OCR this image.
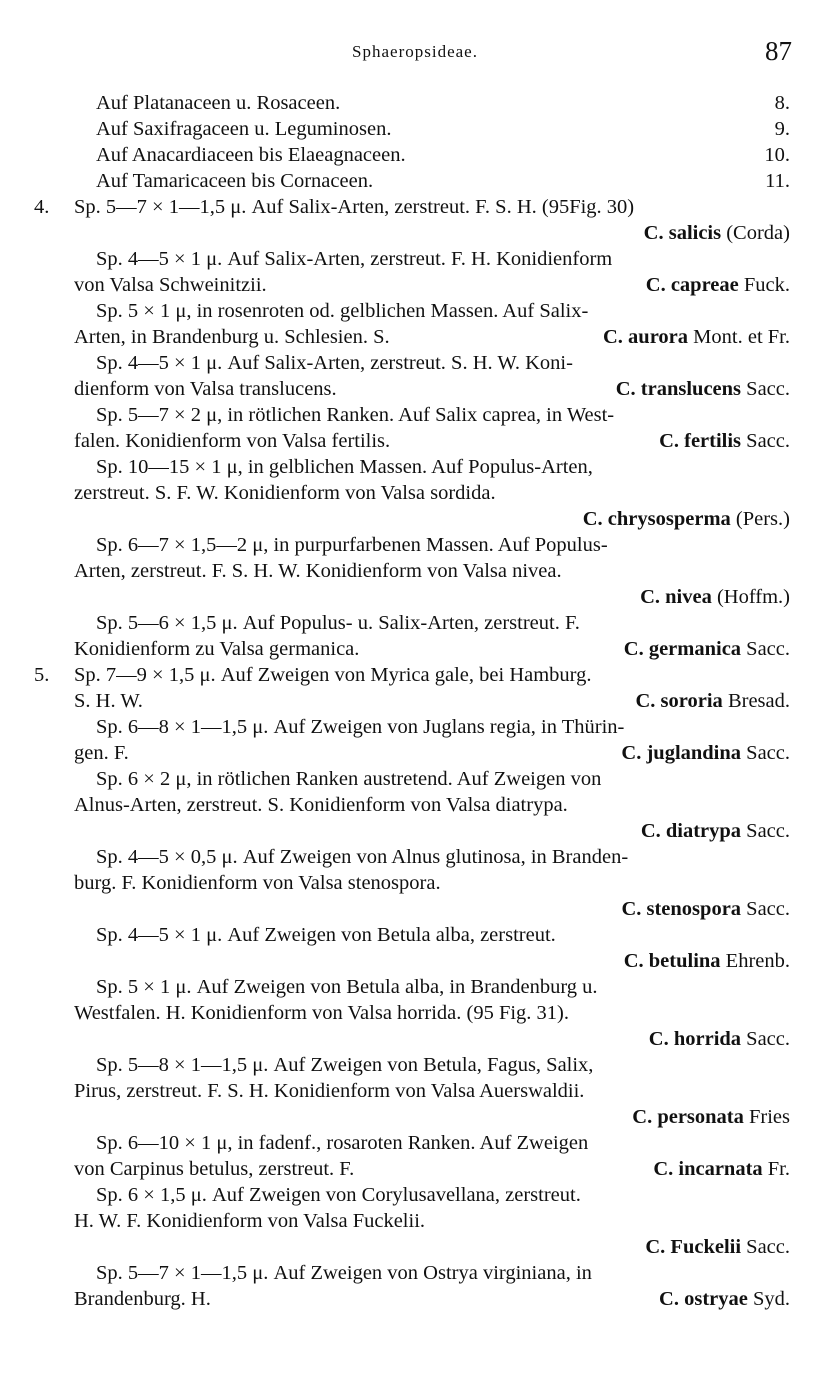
Sphaeropsideae.	87
Auf Platanaceen u. Rosaceen.	8.
Auf Saxifragaceen u. Leguminosen.	9.
Auf Anacardiaceen bis Elaeagnaceen.	10.
Auf Tamaricaceen bis Cornaceen.	11.
4. Sp. 5—7 × 1—1,5 μ. Auf Salix-Arten, zerstreut. F. S. H. (95Fig. 30)
C. salicis (Corda)
Sp. 4—5 × 1 μ. Auf Salix-Arten, zerstreut. F. H. Konidienform
von Valsa Schweinitzii.	C. capreae Fuck.
Sp. 5 × 1 μ, in rosenroten od. gelblichen Massen. Auf Salix-
Arten, in Brandenburg u. Schlesien. S.	C. aurora Mont. et Fr.
Sp. 4—5 × 1 μ. Auf Salix-Arten, zerstreut. S. H. W. Koni-
dienform von Valsa translucens.	C. translucens Sacc.
Sp. 5—7 × 2 μ, in rötlichen Ranken. Auf Salix caprea, in West-
falen. Konidienform von Valsa fertilis.	C. fertilis Sacc.
Sp. 10—15 × 1 μ, in gelblichen Massen. Auf Populus-Arten,
zerstreut. S. F. W. Konidienform von Valsa sordida.
C. chrysosperma (Pers.)
Sp. 6—7 × 1,5—2 μ, in purpurfarbenen Massen. Auf Populus-
Arten, zerstreut. F. S. H. W. Konidienform von Valsa nivea.
C. nivea (Hoffm.)
Sp. 5—6 × 1,5 μ. Auf Populus- u. Salix-Arten, zerstreut. F.
Konidienform zu Valsa germanica.	C. germanica Sacc.
5. Sp. 7—9 × 1,5 μ. Auf Zweigen von Myrica gale, bei Hamburg.
S. H. W.	C. sororia Bresad.
Sp. 6—8 × 1—1,5 μ. Auf Zweigen von Juglans regia, in Thürin-
gen. F.	C. juglandina Sacc.
Sp. 6 × 2 μ, in rötlichen Ranken austretend. Auf Zweigen von
Alnus-Arten, zerstreut. S. Konidienform von Valsa diatrypa.
C. diatrypa Sacc.
Sp. 4—5 × 0,5 μ. Auf Zweigen von Alnus glutinosa, in Branden-
burg. F. Konidienform von Valsa stenospora.
C. stenospora Sacc.
Sp. 4—5 × 1 μ. Auf Zweigen von Betula alba, zerstreut.
C. betulina Ehrenb.
Sp. 5 × 1 μ. Auf Zweigen von Betula alba, in Brandenburg u.
Westfalen. H. Konidienform von Valsa horrida. (95 Fig. 31).
C. horrida Sacc.
Sp. 5—8 × 1—1,5 μ. Auf Zweigen von Betula, Fagus, Salix,
Pirus, zerstreut. F. S. H. Konidienform von Valsa Auerswaldii.
C. personata Fries
Sp. 6—10 × 1 μ, in fadenf., rosaroten Ranken. Auf Zweigen
von Carpinus betulus, zerstreut. F.	C. incarnata Fr.
Sp. 6 × 1,5 μ. Auf Zweigen von Corylusavellana, zerstreut.
H. W. F. Konidienform von Valsa Fuckelii.
C. Fuckelii Sacc.
Sp. 5—7 × 1—1,5 μ. Auf Zweigen von Ostrya virginiana, in
Brandenburg. H.	C. ostryae Syd.
